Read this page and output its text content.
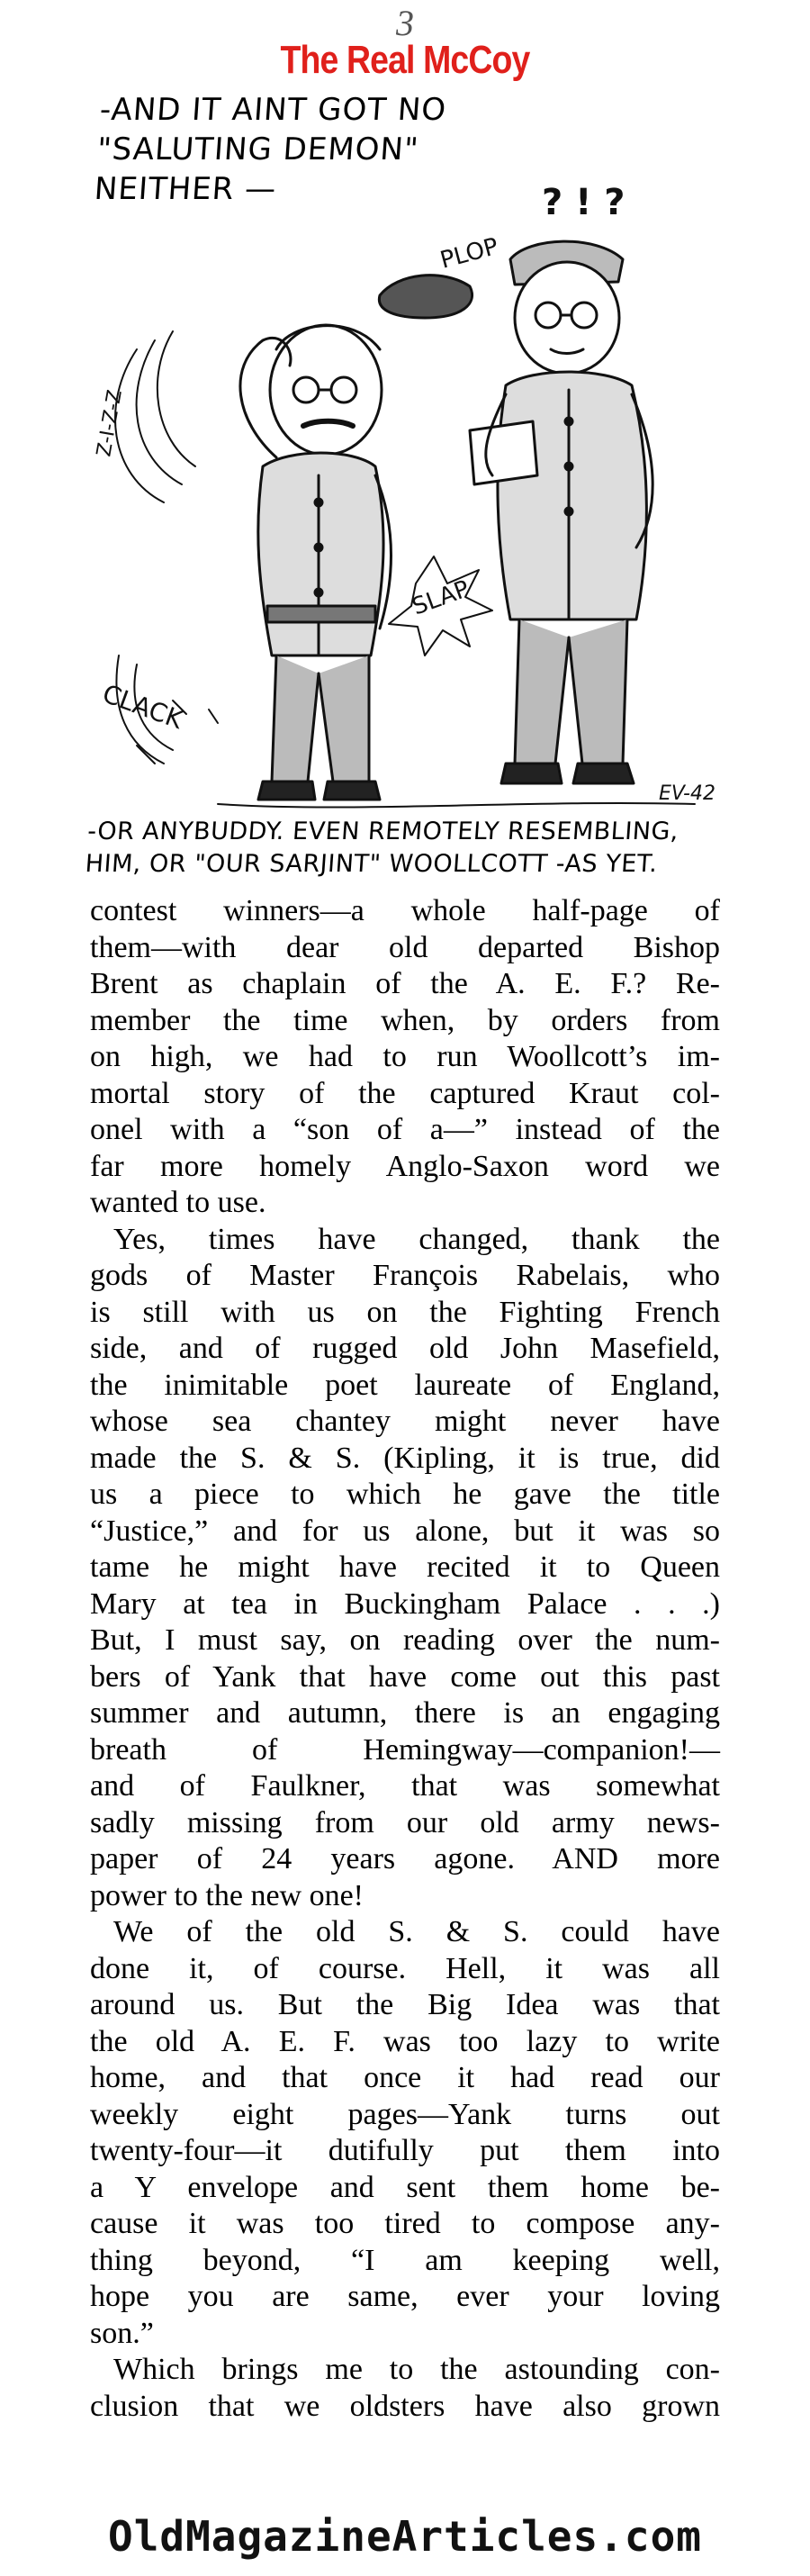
3
The Real McCoy
PLOP
Z-I-Z-Z
CLACK
SLAP
? ! ?
EV-42
-AND IT AINT GOT NO
"SALUTING DEMON"
NEITHER —
-OR ANYBUDDY. EVEN REMOTELY RESEMBLING,
HIM, OR "OUR SARJINT" WOOLLCOTT -AS YET.
contest winners—a whole half-page of
them—with dear old departed Bishop
Brent as chaplain of the A. E. F.? Re-
member the time when, by orders from
on high, we had to run Woollcott’s im-
mortal story of the captured Kraut col-
onel with a “son of a—” instead of the
far more homely Anglo-Saxon word we
wanted to use.
Yes, times have changed, thank the
gods of Master François Rabelais, who
is still with us on the Fighting French
side, and of rugged old John Masefield,
the inimitable poet laureate of England,
whose sea chantey might never have
made the S. & S. (Kipling, it is true, did
us a piece to which he gave the title
“Justice,” and for us alone, but it was so
tame he might have recited it to Queen
Mary at tea in Buckingham Palace . . .)
But, I must say, on reading over the num-
bers of Yank that have come out this past
summer and autumn, there is an engaging
breath of Hemingway—companion!—
and of Faulkner, that was somewhat
sadly missing from our old army news-
paper of 24 years agone. AND more
power to the new one!
We of the old S. & S. could have
done it, of course. Hell, it was all
around us. But the Big Idea was that
the old A. E. F. was too lazy to write
home, and that once it had read our
weekly eight pages—Yank turns out
twenty-four—it dutifully put them into
a Y envelope and sent them home be-
cause it was too tired to compose any-
thing beyond, “I am keeping well,
hope you are same, ever your loving
son.”
Which brings me to the astounding con-
clusion that we oldsters have also grown
OldMagazineArticles.com
